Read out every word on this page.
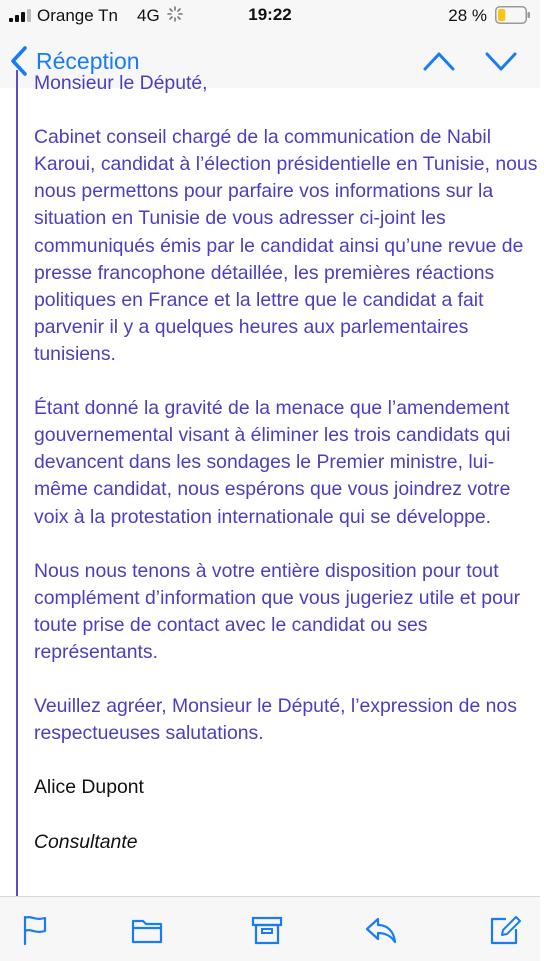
Orange Tn 4G	19:22	28 %
Réception

Monsieur le Député,

Cabinet conseil chargé de la communication de Nabil Karoui, candidat à l’élection présidentielle en Tunisie, nous nous permettons pour parfaire vos informations sur la situation en Tunisie de vous adresser ci-joint les communiqués émis par le candidat ainsi qu’une revue de presse francophone détaillée, les premières réactions politiques en France et la lettre que le candidat a fait parvenir il y a quelques heures aux parlementaires tunisiens.

Étant donné la gravité de la menace que l’amendement gouvernemental visant à éliminer les trois candidats qui devancent dans les sondages le Premier ministre, lui-même candidat, nous espérons que vous joindrez votre voix à la protestation internationale qui se développe.

Nous nous tenons à votre entière disposition pour tout complément d’information que vous jugeriez utile et pour toute prise de contact avec le candidat ou ses représentants.

Veuillez agréer, Monsieur le Député, l’expression de nos respectueuses salutations.

Alice Dupont

Consultante
